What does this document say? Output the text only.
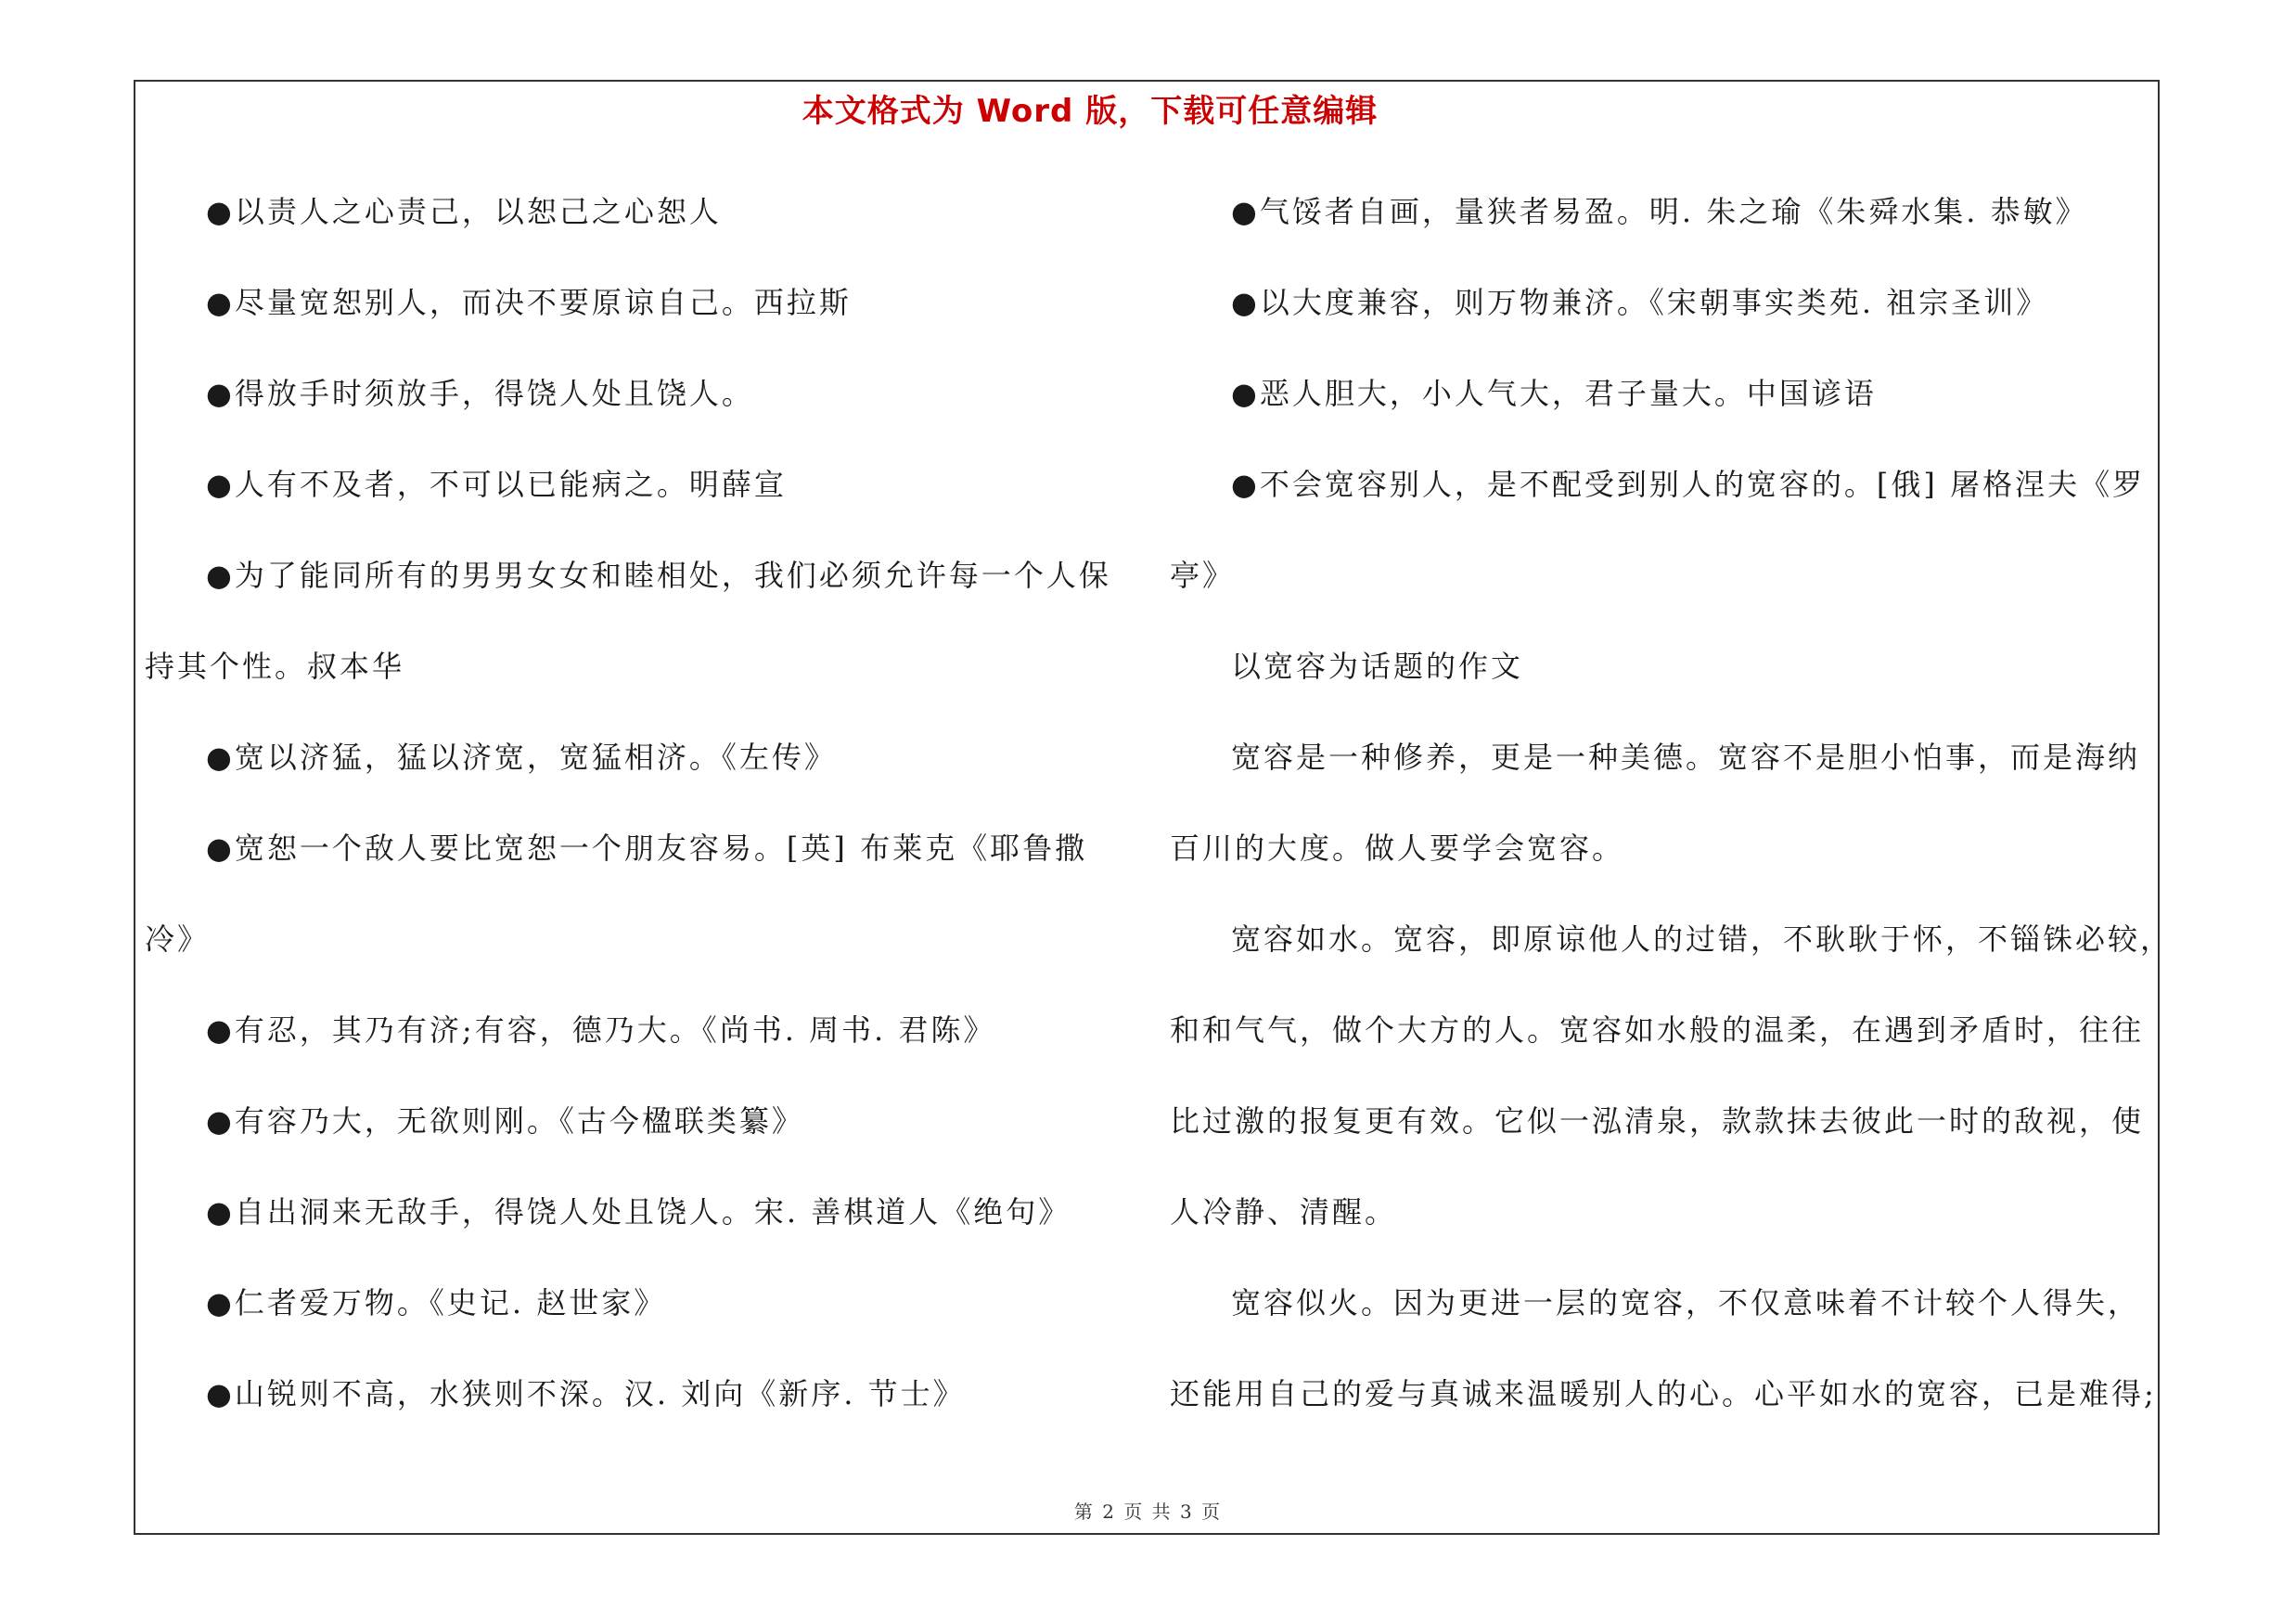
本文格式为 Word 版，下载可任意编辑
●以责人之心责己，以恕己之心恕人
●尽量宽恕别人，而决不要原谅自己。西拉斯
●得放手时须放手，得饶人处且饶人。
●人有不及者，不可以已能病之。明薛宣
●为了能同所有的男男女女和睦相处，我们必须允许每一个人保
持其个性。叔本华
●宽以济猛，猛以济宽，宽猛相济。《左传》
●宽恕一个敌人要比宽恕一个朋友容易。[英] 布莱克《耶鲁撒
冷》
●有忍，其乃有济;有容，德乃大。《尚书. 周书. 君陈》
●有容乃大，无欲则刚。《古今楹联类纂》
●自出洞来无敌手，得饶人处且饶人。宋. 善棋道人《绝句》
●仁者爱万物。《史记. 赵世家》
●山锐则不高，水狭则不深。汉. 刘向《新序. 节士》
●气馁者自画，量狭者易盈。明. 朱之瑜《朱舜水集. 恭敏》
●以大度兼容，则万物兼济。《宋朝事实类苑. 祖宗圣训》
●恶人胆大，小人气大，君子量大。中国谚语
●不会宽容别人，是不配受到别人的宽容的。[俄] 屠格涅夫《罗
亭》
以宽容为话题的作文
宽容是一种修养，更是一种美德。宽容不是胆小怕事，而是海纳
百川的大度。做人要学会宽容。
宽容如水。宽容，即原谅他人的过错，不耿耿于怀，不锱铢必较，
和和气气，做个大方的人。宽容如水般的温柔，在遇到矛盾时，往往
比过激的报复更有效。它似一泓清泉，款款抹去彼此一时的敌视，使
人冷静、清醒。
宽容似火。因为更进一层的宽容，不仅意味着不计较个人得失，
还能用自己的爱与真诚来温暖别人的心。心平如水的宽容，已是难得;
第 2 页 共 3 页
